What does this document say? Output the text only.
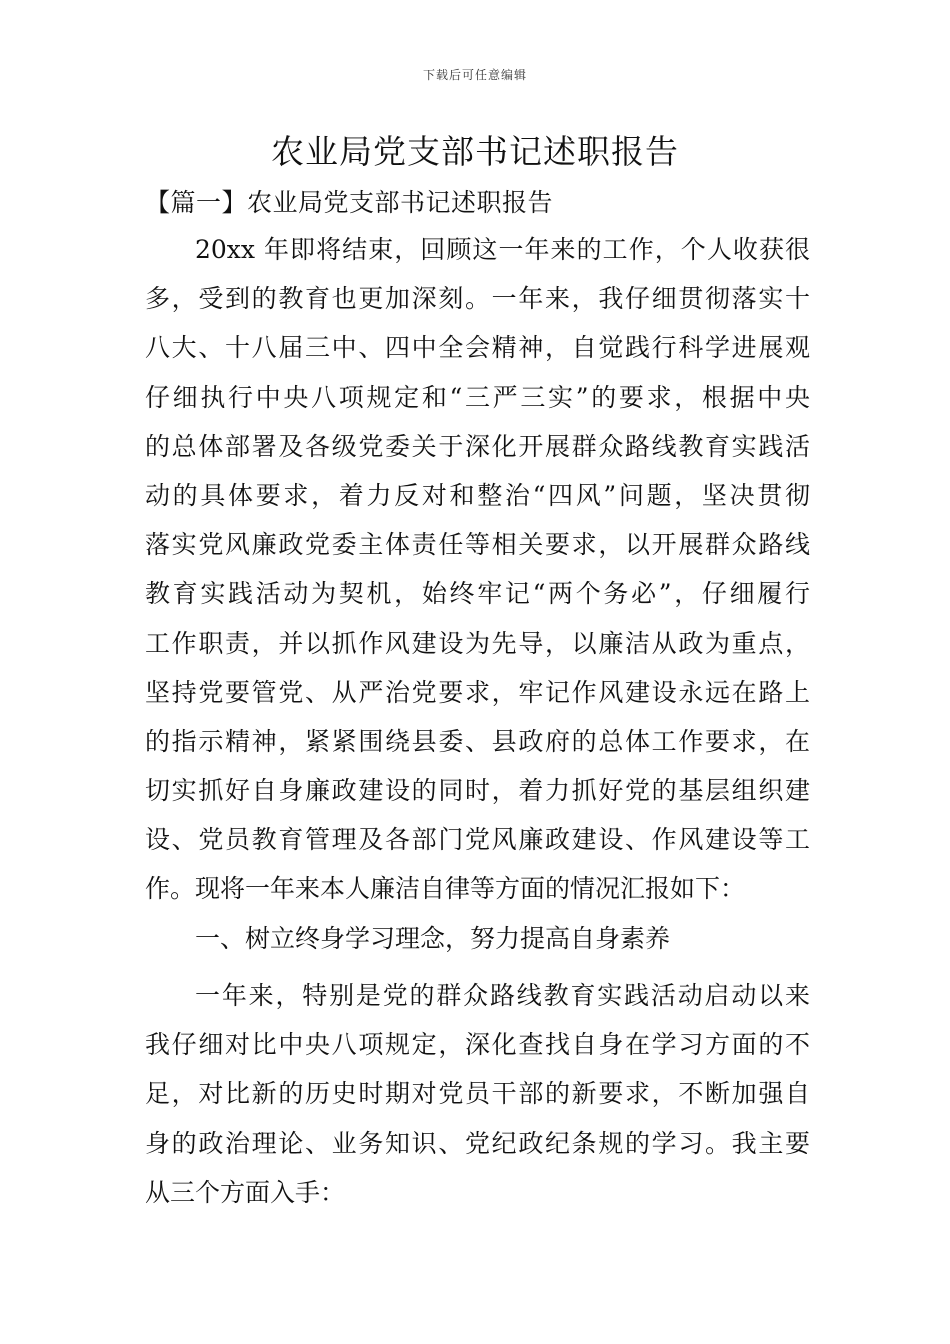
下载后可任意编辑
农业局党支部书记述职报告
【篇一】农业局党支部书记述职报告
20xx 年即将结束，回顾这一年来的工作，个人收获很
多，受到的教育也更加深刻。一年来，我仔细贯彻落实十
八大、十八届三中、四中全会精神，自觉践行科学进展观
仔细执行中央八项规定和“三严三实”的要求，根据中央
的总体部署及各级党委关于深化开展群众路线教育实践活
动的具体要求，着力反对和整治“四风”问题，坚决贯彻
落实党风廉政党委主体责任等相关要求，以开展群众路线
教育实践活动为契机，始终牢记“两个务必”，仔细履行
工作职责，并以抓作风建设为先导，以廉洁从政为重点，
坚持党要管党、从严治党要求，牢记作风建设永远在路上
的指示精神，紧紧围绕县委、县政府的总体工作要求，在
切实抓好自身廉政建设的同时，着力抓好党的基层组织建
设、党员教育管理及各部门党风廉政建设、作风建设等工
作。现将一年来本人廉洁自律等方面的情况汇报如下：
一、树立终身学习理念，努力提高自身素养
一年来，特别是党的群众路线教育实践活动启动以来
我仔细对比中央八项规定，深化查找自身在学习方面的不
足，对比新的历史时期对党员干部的新要求，不断加强自
身的政治理论、业务知识、党纪政纪条规的学习。我主要
从三个方面入手：
